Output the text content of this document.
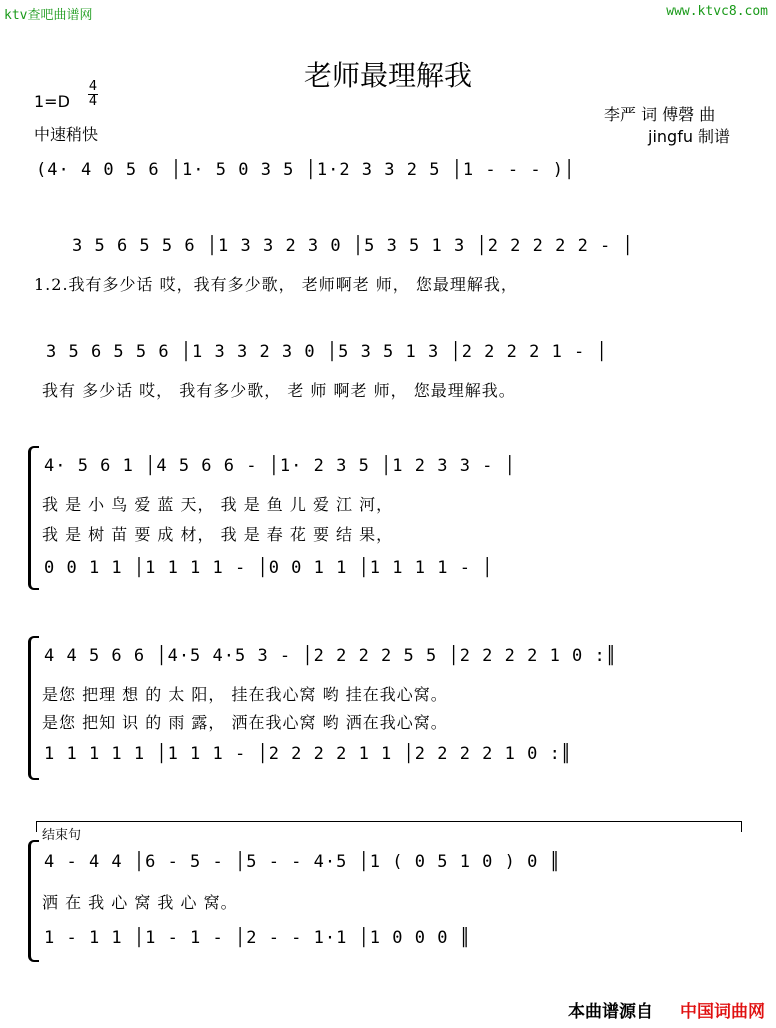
ktv查吧曲谱网	www.ktvc8.com
老师最理解我
1=D
4
4
中速稍快
李严 词 傅磬 曲
jingfu 制谱
(4· 4 0 5 6 │1· 5 0 3 5 │1·2 3 3 2 5 │1 - - - )│
3 5 6 5 5 6 │1 3 3 2 3 0 │5 3 5 1 3 │2 2 2 2 2 - │
1.2.我有多少话 哎，我有多少歌， 老师啊老 师， 您最理解我，
3 5 6 5 5 6 │1 3 3 2 3 0 │5 3 5 1 3 │2 2 2 2 1 - │
我有 多少话 哎， 我有多少歌， 老 师 啊老 师， 您最理解我。
4· 5 6 1 │4 5 6 6 - │1· 2 3 5 │1 2 3 3 - │
我 是 小 鸟 爱 蓝 天， 我 是 鱼 儿 爱 江 河，
我 是 树 苗 要 成 材， 我 是 春 花 要 结 果，
0 0 1 1 │1 1 1 1 - │0 0 1 1 │1 1 1 1 - │
4 4 5 6 6 │4·5 4·5 3 - │2 2 2 2 5 5 │2 2 2 2 1 0 :║
是您 把理 想 的 太 阳， 挂在我心窝 哟 挂在我心窝。
是您 把知 识 的 雨 露， 洒在我心窝 哟 洒在我心窝。
1 1 1 1 1 │1 1 1 - │2 2 2 2 1 1 │2 2 2 2 1 0 :║
结束句
4 - 4 4 │6 - 5 - │5 - - 4·5 │1 ( 0 5 1 0 ) 0 ║
洒 在 我 心 窝 我 心 窝。
1 - 1 1 │1 - 1 - │2 - - 1·1 │1 0 0 0 ║
本曲谱源自 中国词曲网
